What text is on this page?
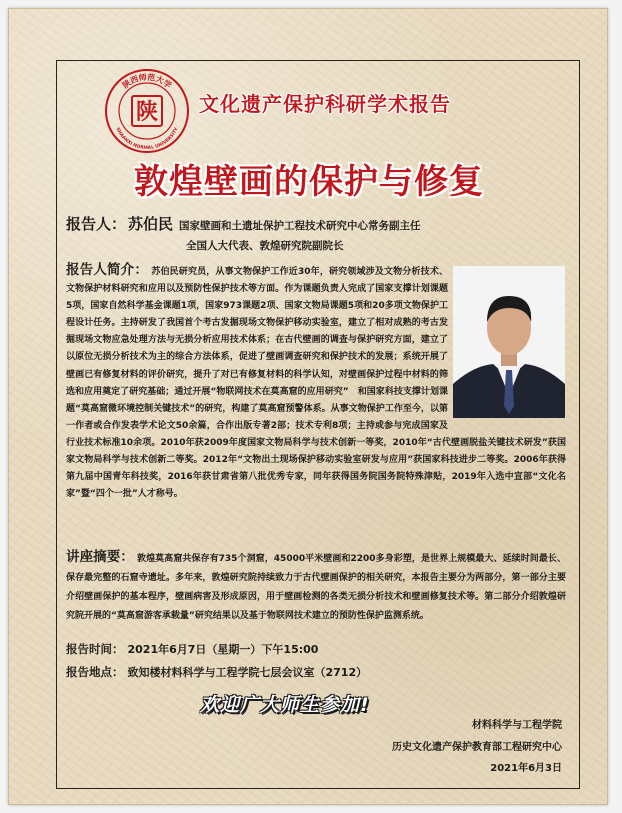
陕西师范大学
SHAANXI NORMAL UNIVERSITY
陕 文化遗产保护科研学术报告
敦煌壁画的保护与修复
报告人： 苏伯民 国家壁画和土遗址保护工程技术研究中心常务副主任
全国人大代表、敦煌研究院副院长
报告人简介： 苏伯民研究员，从事文物保护工作近30年，研究领域涉及文物分析技术、文物保护材料研究和应用以及预防性保护技术等方面。作为课题负责人完成了国家支撑计划课题5项，国家自然科学基金课题1项，国家973课题2项、国家文物局课题5项和20多项文物保护工程设计任务。主持研发了我国首个考古发掘现场文物保护移动实验室，建立了相对成熟的考古发掘现场文物应急处理方法与无损分析应用技术体系；在古代壁画的调查与保护研究方面，建立了以原位无损分析技术为主的综合方法体系，促进了壁画调查研究和保护技术的发展；系统开展了壁画已有修复材料的评价研究，提升了对已有修复材料的科学认知，对壁画保护过程中材料的筛选和应用奠定了研究基础；通过开展“物联网技术在莫高窟的应用研究”　和国家科技支撑计划课题“莫高窟微环境控制关键技术”的研究，构建了莫高窟预警体系。从事文物保护工作至今，以第一作者或合作发表学术论文50余篇，合作出版专著2部；技术专利8项；主持或参与完成国家及行业技术标准10余项。2010年获2009年度国家文物局科学与技术创新一等奖，2010年“古代壁画脱盐关键技术研发”获国家文物局科学与技术创新二等奖。2012年“文物出土现场保护移动实验室研发与应用”获国家科技进步二等奖。2006年获得第九届中国青年科技奖，2016年获甘肃省第八批优秀专家，同年获得国务院国务院特殊津贴，2019年入选中宣部“文化名家”暨“四个一批”人才称号。
讲座摘要： 敦煌莫高窟共保存有735个洞窟，45000平米壁画和2200多身彩塑，是世界上规模最大、延续时间最长、保存最完整的石窟寺遗址。多年来，敦煌研究院持续致力于古代壁画保护的相关研究，本报告主要分为两部分，第一部分主要介绍壁画保护的基本程序，壁画病害及形成原因，用于壁画检测的各类无损分析技术和壁画修复技术等。第二部分介绍敦煌研究院开展的“莫高窟游客承载量”研究结果以及基于物联网技术建立的预防性保护监测系统。
报告时间： 2021年6月7日（星期一）下午15:00
报告地点： 致知楼材料科学与工程学院七层会议室（2712）
欢迎广大师生参加!
材料科学与工程学院
历史文化遗产保护教育部工程研究中心
2021年6月3日
